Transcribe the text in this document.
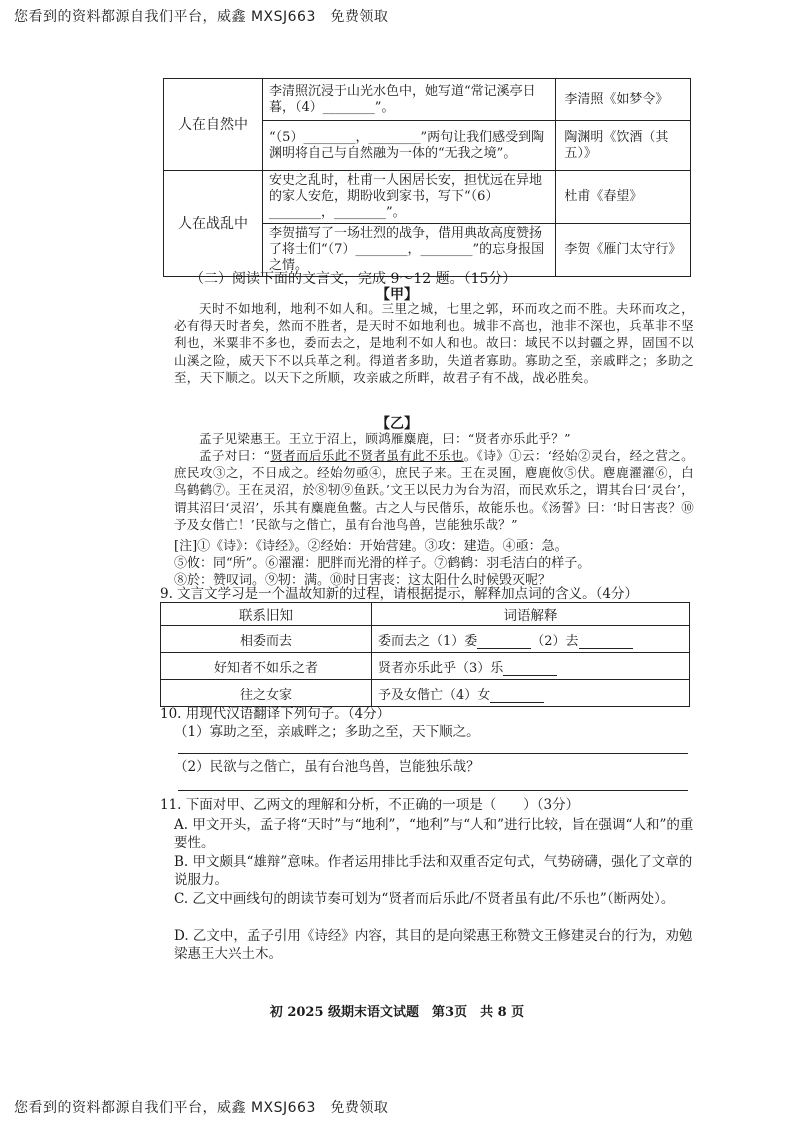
您看到的资料都源自我们平台，威鑫 MXSJ663　免费领取
人在自然中	李清照沉浸于山光水色中，她写道“常记溪亭日暮，（4）________”。	李清照《如梦令》
	“（5）________，________”两句让我们感受到陶渊明将自己与自然融为一体的“无我之境”。	陶渊明《饮酒（其五）》
人在战乱中	安史之乱时，杜甫一人困居长安，担忧远在异地的家人安危，期盼收到家书，写下“（6）________，________”。	杜甫《春望》
	李贺描写了一场壮烈的战争，借用典故高度赞扬了将士们“（7）________，________”的忘身报国之情。	李贺《雁门太守行》
（二）阅读下面的文言文，完成 9～12 题。（15分）
【甲】
天时不如地利，地利不如人和。三里之城，七里之郭，环而攻之而不胜。夫环而攻之，必有得天时者矣，然而不胜者，是天时不如地利也。城非不高也，池非不深也，兵革非不坚利也，米粟非不多也，委而去之，是地利不如人和也。故曰：域民不以封疆之界，固国不以山溪之险，威天下不以兵革之利。得道者多助，失道者寡助。寡助之至，亲戚畔之；多助之至，天下顺之。以天下之所顺，攻亲戚之所畔，故君子有不战，战必胜矣。
【乙】
孟子见梁惠王。王立于沼上，顾鸿雁麋鹿，曰：“贤者亦乐此乎？”
孟子对曰：“贤者而后乐此不贤者虽有此不乐也。《诗》①云：‘经始②灵台，经之营之。庶民攻③之，不日成之。经始勿亟④，庶民子来。王在灵囿，麀鹿攸⑤伏。麀鹿濯濯⑥，白鸟鹤鹤⑦。王在灵沼，於⑧牣⑨鱼跃。’文王以民力为台为沼，而民欢乐之，谓其台曰‘灵台’，谓其沼曰‘灵沼’，乐其有麋鹿鱼鳖。古之人与民偕乐，故能乐也。《汤誓》曰：‘时日害丧？⑩予及女偕亡！’民欲与之偕亡，虽有台池鸟兽，岂能独乐哉？”
[注]①《诗》：《诗经》。②经始：开始营建。③攻：建造。④亟：急。
⑤攸：同“所”。⑥濯濯：肥胖而光滑的样子。⑦鹤鹤：羽毛洁白的样子。
⑧於：赞叹词。⑨牣：满。⑩时日害丧：这太阳什么时候毁灭呢？
9. 文言文学习是一个温故知新的过程，请根据提示，解释加点词的含义。（4分）
联系旧知	词语解释
相委而去	委而去之（1）委 （2）去
好知者不如乐之者	贤者亦乐此乎（3）乐
往之女家	予及女偕亡（4）女
10. 用现代汉语翻译下列句子。（4分）
（1）寡助之至，亲戚畔之；多助之至，天下顺之。
（2）民欲与之偕亡，虽有台池鸟兽，岂能独乐哉？
11. 下面对甲、乙两文的理解和分析，不正确的一项是（　　）（3分）
A. 甲文开头，孟子将“天时”与“地利”，“地利”与“人和”进行比较，旨在强调“人和”的重要性。
B. 甲文颇具“雄辩”意味。作者运用排比手法和双重否定句式，气势磅礴，强化了文章的说服力。
C. 乙文中画线句的朗读节奏可划为“贤者而后乐此/不贤者虽有此/不乐也”（断两处）。
D. 乙文中，孟子引用《诗经》内容，其目的是向梁惠王称赞文王修建灵台的行为，劝勉梁惠王大兴土木。
初 2025 级期末语文试题　第3页　共 8 页
您看到的资料都源自我们平台，威鑫 MXSJ663　免费领取
